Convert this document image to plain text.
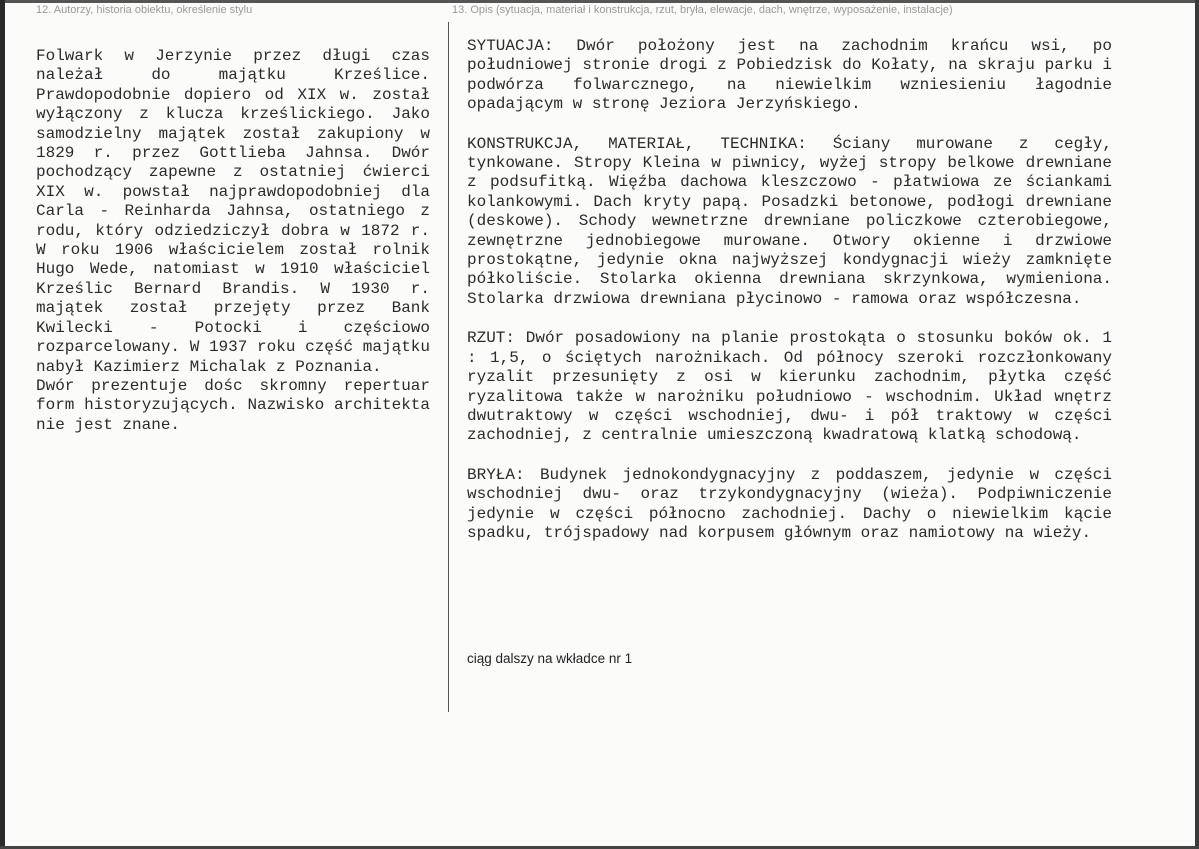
12. Autorzy, historia obiektu, określenie stylu	13. Opis (sytuacja, materiał i konstrukcja, rzut, bryła, elewacje, dach, wnętrze, wyposażenie, instalacje)

Folwark w Jerzynie przez długi czas należał do majątku Krześlice. Prawdopodobnie dopiero od XIX w. został wyłączony z klucza krześlickiego. Jako samodzielny majątek został zakupiony w 1829 r. przez Gottlieba Jahnsa. Dwór pochodzący zapewne z ostatniej ćwierci XIX w. powstał najprawdopodobniej dla Carla - Reinharda Jahnsa, ostatniego z rodu, który odziedziczył dobra w 1872 r. W roku 1906 właścicielem został rolnik Hugo Wede, natomiast w 1910 właściciel Krześlic Bernard Brandis. W 1930 r. majątek został przejęty przez Bank Kwilecki - Potocki i częściowo rozparcelowany. W 1937 roku część majątku nabył Kazimierz Michalak z Poznania.

Dwór prezentuje dośc skromny repertuar form historyzujących. Nazwisko architekta nie jest znane.

SYTUACJA: Dwór położony jest na zachodnim krańcu wsi, po południowej stronie drogi z Pobiedzisk do Kołaty, na skraju parku i podwórza folwarcznego, na niewielkim wzniesieniu łagodnie opadającym w stronę Jeziora Jerzyńskiego.

KONSTRUKCJA, MATERIAŁ, TECHNIKA: Ściany murowane z cegły, tynkowane. Stropy Kleina w piwnicy, wyżej stropy belkowe drewniane z podsufitką. Więźba dachowa kleszczowo - płatwiowa ze ściankami kolankowymi. Dach kryty papą. Posadzki betonowe, podłogi drewniane (deskowe). Schody wewnetrzne drewniane policzkowe czterobiegowe, zewnętrzne jednobiegowe murowane. Otwory okienne i drzwiowe prostokątne, jedynie okna najwyższej kondygnacji wieży zamknięte półkoliście. Stolarka okienna drewniana skrzynkowa, wymieniona. Stolarka drzwiowa drewniana płycinowo - ramowa oraz współczesna.

RZUT: Dwór posadowiony na planie prostokąta o stosunku boków ok. 1 : 1,5, o ściętych narożnikach. Od północy szeroki rozczłonkowany ryzalit przesunięty z osi w kierunku zachodnim, płytka część ryzalitowa także w narożniku południowo - wschodnim. Układ wnętrz dwutraktowy w części wschodniej, dwu- i pół traktowy w części zachodniej, z centralnie umieszczoną kwadratową klatką schodową.

BRYŁA: Budynek jednokondygnacyjny z poddaszem, jedynie w części wschodniej dwu- oraz trzykondygnacyjny (wieża). Podpiwniczenie jedynie w części północno zachodniej. Dachy o niewielkim kącie spadku, trójspadowy nad korpusem głównym oraz namiotowy na wieży.

ciąg dalszy na wkładce nr 1
